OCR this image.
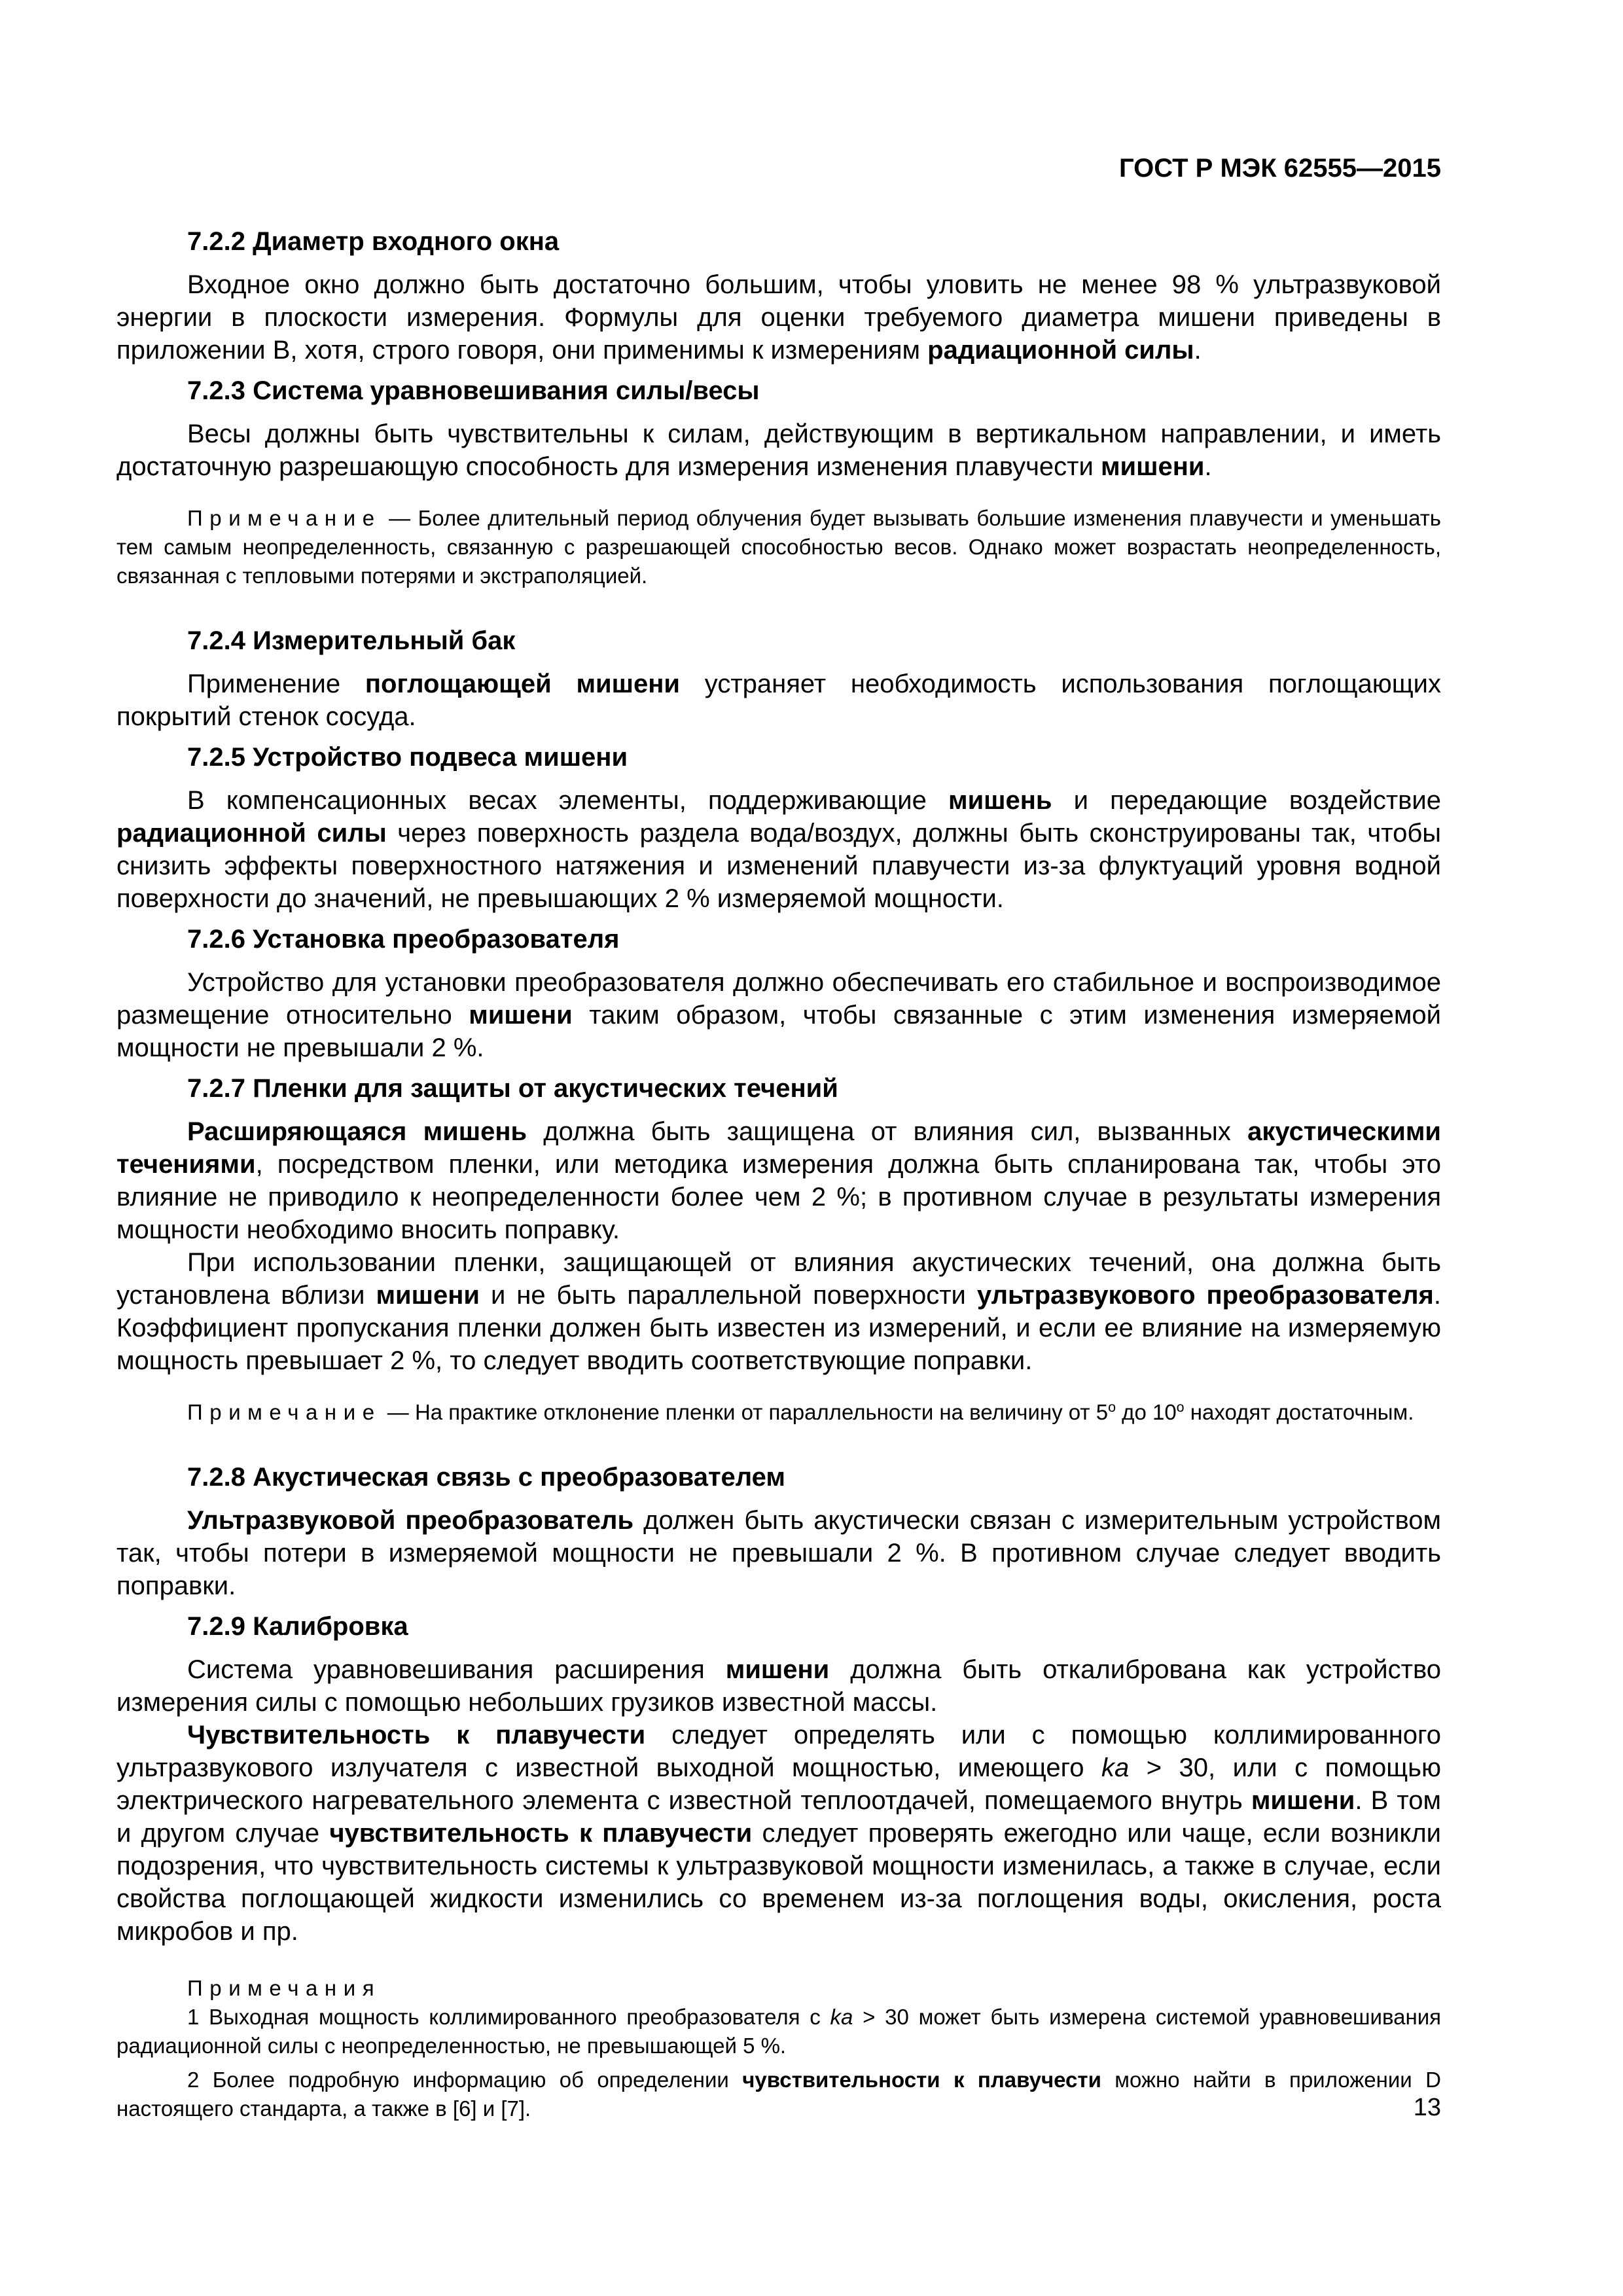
ГОСТ Р МЭК 62555—2015
7.2.2 Диаметр входного окна
Входное окно должно быть достаточно большим, чтобы уловить не менее 98 % ультразвуковой энергии в плоскости измерения. Формулы для оценки требуемого диаметра мишени приведены в приложении В, хотя, строго говоря, они применимы к измерениям радиационной силы.
7.2.3 Система уравновешивания силы/весы
Весы должны быть чувствительны к силам, действующим в вертикальном направлении, и иметь достаточную разрешающую способность для измерения изменения плавучести мишени.
Примечание — Более длительный период облучения будет вызывать большие изменения плавучести и уменьшать тем самым неопределенность, связанную с разрешающей способностью весов. Однако может возрастать неопределенность, связанная с тепловыми потерями и экстраполяцией.
7.2.4 Измерительный бак
Применение поглощающей мишени устраняет необходимость использования поглощающих покрытий стенок сосуда.
7.2.5 Устройство подвеса мишени
В компенсационных весах элементы, поддерживающие мишень и передающие воздействие радиационной силы через поверхность раздела вода/воздух, должны быть сконструированы так, чтобы снизить эффекты поверхностного натяжения и изменений плавучести из-за флуктуаций уровня водной поверхности до значений, не превышающих 2 % измеряемой мощности.
7.2.6 Установка преобразователя
Устройство для установки преобразователя должно обеспечивать его стабильное и воспроизводимое размещение относительно мишени таким образом, чтобы связанные с этим изменения измеряемой мощности не превышали 2 %.
7.2.7 Пленки для защиты от акустических течений
Расширяющаяся мишень должна быть защищена от влияния сил, вызванных акустическими течениями, посредством пленки, или методика измерения должна быть спланирована так, чтобы это влияние не приводило к неопределенности более чем 2 %; в противном случае в результаты измерения мощности необходимо вносить поправку.
При использовании пленки, защищающей от влияния акустических течений, она должна быть установлена вблизи мишени и не быть параллельной поверхности ультразвукового преобразователя. Коэффициент пропускания пленки должен быть известен из измерений, и если ее влияние на измеряемую мощность превышает 2 %, то следует вводить соответствующие поправки.
Примечание — На практике отклонение пленки от параллельности на величину от $5^о$ до $10^о$ находят достаточным.
7.2.8 Акустическая связь с преобразователем
Ультразвуковой преобразователь должен быть акустически связан с измерительным устройством так, чтобы потери в измеряемой мощности не превышали 2 %. В противном случае следует вводить поправки.
7.2.9 Калибровка
Система уравновешивания расширения мишени должна быть откалибрована как устройство измерения силы с помощью небольших грузиков известной массы.
Чувствительность к плавучести следует определять или с помощью коллимированного ультразвукового излучателя с известной выходной мощностью, имеющего ka > 30, или с помощью электрического нагревательного элемента с известной теплоотдачей, помещаемого внутрь мишени. В том и другом случае чувствительность к плавучести следует проверять ежегодно или чаще, если возникли подозрения, что чувствительность системы к ультразвуковой мощности изменилась, а также в случае, если свойства поглощающей жидкости изменились со временем из-за поглощения воды, окисления, роста микробов и пр.
Примечания
1 Выходная мощность коллимированного преобразователя с ka > 30 может быть измерена системой уравновешивания радиационной силы с неопределенностью, не превышающей 5 %.
2 Более подробную информацию об определении чувствительности к плавучести можно найти в приложении D настоящего стандарта, а также в [6] и [7].	13
